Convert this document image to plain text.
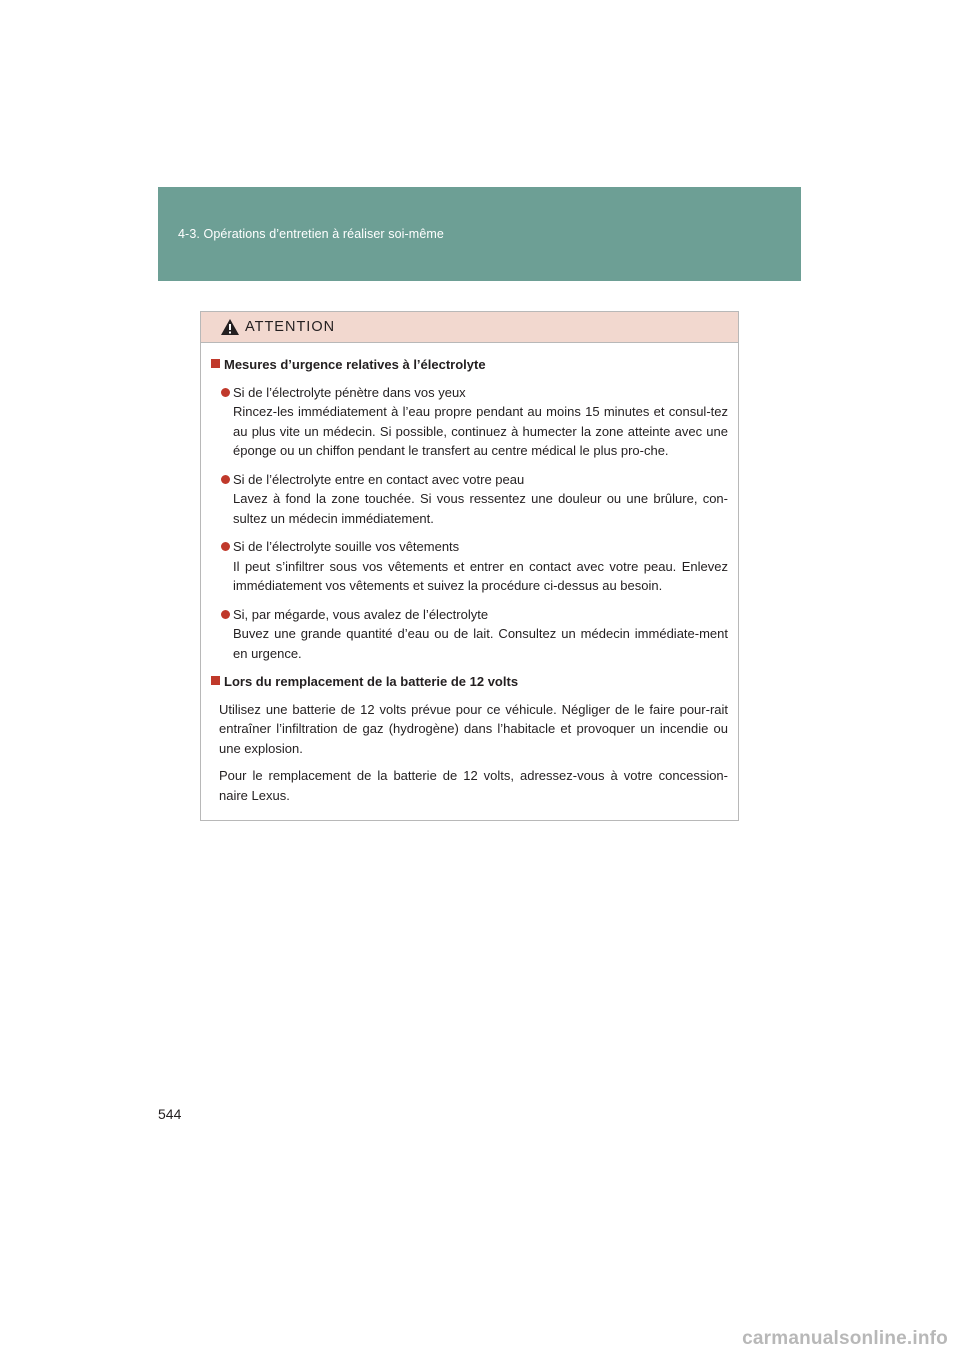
4-3. Opérations d’entretien à réaliser soi-même
ATTENTION
Mesures d’urgence relatives à l’électrolyte
Si de l’électrolyte pénètre dans vos yeux
Rincez-les immédiatement à l’eau propre pendant au moins 15 minutes et consul-tez au plus vite un médecin. Si possible, continuez à humecter la zone atteinte avec une éponge ou un chiffon pendant le transfert au centre médical le plus pro-che.
Si de l’électrolyte entre en contact avec votre peau
Lavez à fond la zone touchée. Si vous ressentez une douleur ou une brûlure, con-sultez un médecin immédiatement.
Si de l’électrolyte souille vos vêtements
Il peut s’infiltrer sous vos vêtements et entrer en contact avec votre peau. Enlevez immédiatement vos vêtements et suivez la procédure ci-dessus au besoin.
Si, par mégarde, vous avalez de l’électrolyte
Buvez une grande quantité d’eau ou de lait. Consultez un médecin immédiate-ment en urgence.
Lors du remplacement de la batterie de 12 volts

Utilisez une batterie de 12 volts prévue pour ce véhicule. Négliger de le faire pour-rait entraîner l’infiltration de gaz (hydrogène) dans l’habitacle et provoquer un incendie ou une explosion.

Pour le remplacement de la batterie de 12 volts, adressez-vous à votre concession-naire Lexus.

544
carmanualsonline.info
